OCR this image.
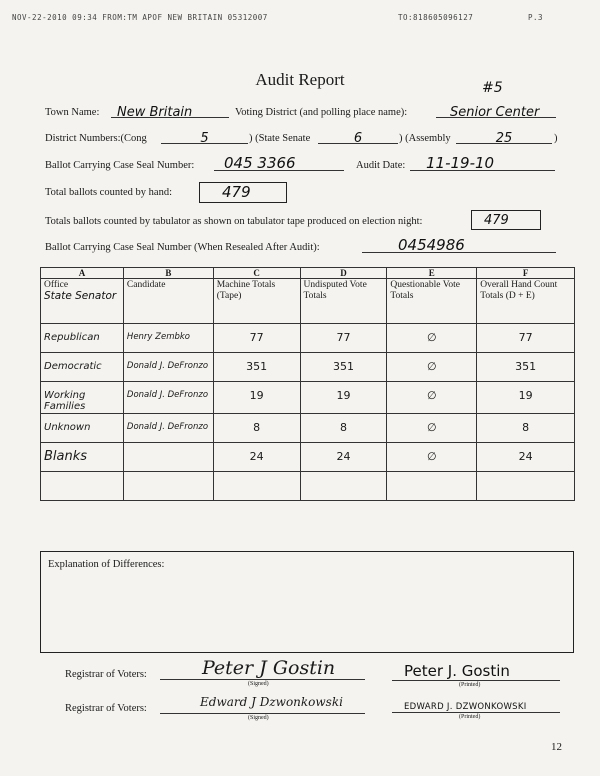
NOV-22-2010 09:34 FROM:TM APOF NEW BRITAIN 05312007	TO:818605096127	P.3
Audit Report	#5
Town Name:	New Britain	Voting District (and polling place name):	Senior Center
District Numbers:(Cong	5	) (State Senate	6	) (Assembly	25	)
Ballot Carrying Case Seal Number:	045 3366	Audit Date:	11-19-10
Total ballots counted by hand:	479
Totals ballots counted by tabulator as shown on tabulator tape produced on election night:	479
Ballot Carrying Case Seal Number (When Resealed After Audit):	0454986
A	B	C	D	E	F
Office
State Senator	Candidate	Machine Totals (Tape)	Undisputed Vote Totals	Questionable Vote Totals	Overall Hand Count Totals (D + E)

Republican	Henry Zembko	77	77	∅	77

Democratic	Donald J. DeFronzo	351	351	∅	351

Working Families	Donald J. DeFronzo	19	19	∅	19

Unknown	Donald J. DeFronzo	8	8	∅	8

Blanks		24	24	∅	24

Explanation of Differences:
Registrar of Voters:	Peter J Gostin
(Signed)
Peter J. Gostin
(Printed)
Registrar of Voters:	Edward J Dzwonkowski
(Signed)
EDWARD J. DZWONKOWSKI
(Printed)
12
